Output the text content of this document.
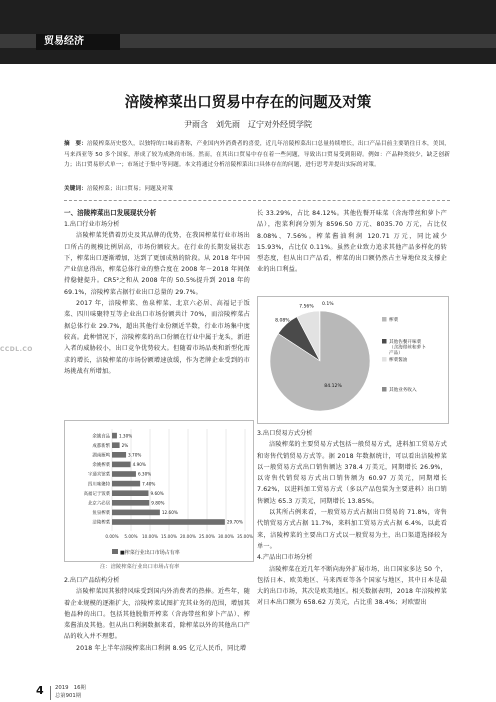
贸易经济
涪陵榨菜出口贸易中存在的问题及对策
尹雨含　刘先雨　辽宁对外经贸学院
摘　要：涪陵榨菜历史悠久，以独特的口味而著称，产业国内外消费者的喜爱，近几年涪陵榨菜出口总量持续增长，出口产品目前主要销往日本，美国，马来西亚等 50 多个国家，形成了较为成熟的市场。然而，在其出口贸易中存在着一些问题，导致出口贸易受到阻碍。例如：产品种类较少，缺乏创新力；出口贸易形式单一；市场过于集中等问题。本文将通过分析涪陵榨菜出口具体存在的问题，进行思考并提出实际的对策。
关键词：涪陵榨菜；出口贸易；问题及对策
一、涪陵榨菜出口发展现状分析
1.出口行业市场分析

涪陵榨菜凭借着历史及其品牌的优势，在我国榨菜行业市场出口所占的规模比例居高，市场份额较大。在行业的长期发展状态下，榨菜出口逐渐增加，达到了更加成熟的阶段。从 2018 年中国产业信息得出，榨菜总体行业的整合度在 2008 年－2018 年间保持稳健提升。CR5²之和从 2008 年的 50.5%提升到 2018 年的 69.1%，涪陵榨菜占据行业出口总量的 29.7%。

2017 年，涪陵榨菜、鱼泉榨菜、北京六必居、高福记于饭菜、四川味聚特互等企业出口市场份额共计 70%，而涪陵榨菜占据总体行业 29.7%，超出其他行业份额近半数，行业市场集中度较高。此种情况下，涪陵榨菜的出口份额在行业中属于龙头，新进入者的威胁较小，出口竞争优势较大。但随着市场品类和新型化需求的增长，涪陵榨菜的市场份额增速放缓，作为老牌企业受到的市场挑战有所增加。

CCDL.CO
涪陵榨菜
鱼泉榨菜
北京六必居
高福记于饭菜
四川味聚特
宇通宾馆菜
余姚榨菜
湖南雁鸣
成都新繁
余姚食品
29.70%
12.60%
9.80%
9.60%
7.40%
6.30%
4.90%
3.70%
2%
1.30%
0.00% 5.00% 10.00% 15.00% 20.00% 25.00% 30.00% 35.00%
■榨菜行业出口市场占有率
注：涪陵榨菜行业出口市场占有率
2.出口产品结构分析

涪陵榨菜因其独特风味受到国内外消费者的热捧。近些年，随着企业规模的逐渐扩大，涪陵榨菜试图扩充其业务的范围，增加其他品种的出口。包括其他脱脂开榨菜（含海带丝和萝卜产品）、榨菜酱油及其他。但从出口利润数据来看，除榨菜以外的其他出口产品的收入并不理想。

2018 年上半年涪陵榨菜出口利润 8.95 亿元人民币，同比增

长 33.29%，占比 84.12%。其他佐餐开味菜（含海带丝和萝卜产品），泡菜利润分别为 8596.50 万元、8035.70 万元，占比仅 8.08%、7.56%。榨菜酱油利润 120.71 万元，同比减少 15.93%，占比仅 0.11%。虽然企业致力追求其他产品多样化的转型态度，但从出口产品看，榨菜的出口额仍然占主导地位及支撑企业的出口利益。

8.08%
7.56%
0.1%
84.12%
榨菜
其他佐餐开味菜（含海带丝和萝卜产品）
榨菜酱油
其他业务收入
3.出口贸易方式分析

涪陵榨菜的主要贸易方式包括一般贸易方式，进料加工贸易方式和寄售代销贸易方式等。据 2018 年数据统计，可以看出涪陵榨菜以一般贸易方式出口销售额达 378.4 万美元，同期增长 26.9%，以寄售代销贸易方式出口销售额为 60.97 万美元，同期增长 7.62%，以进料加工贸易方式（多以产品包装为主要进料）出口销售额达 65.3 万美元，同期增长 13.85%。

以其所占例来看，一般贸易方式占据出口贸易的 71.8%，寄售代销贸易方式占据 11.7%，来料加工贸易方式占据 6.4%，以此看来，涪陵榨菜的主要出口方式以一般贸易为主，出口渠道选择较为单一。

4.产品出口市场分析

涪陵榨菜在近几年不断向海外扩展市场，出口国家多达 50 个，包括日本、欧美地区、马来西亚等各个国家与地区，其中日本是最大的出口市场，其次是欧美地区。相关数据表明，2018 年涪陵榨菜对日本出口额为 658.62 万美元，占比重 38.4%；对欧盟出

4 2019　16期
总第901期
